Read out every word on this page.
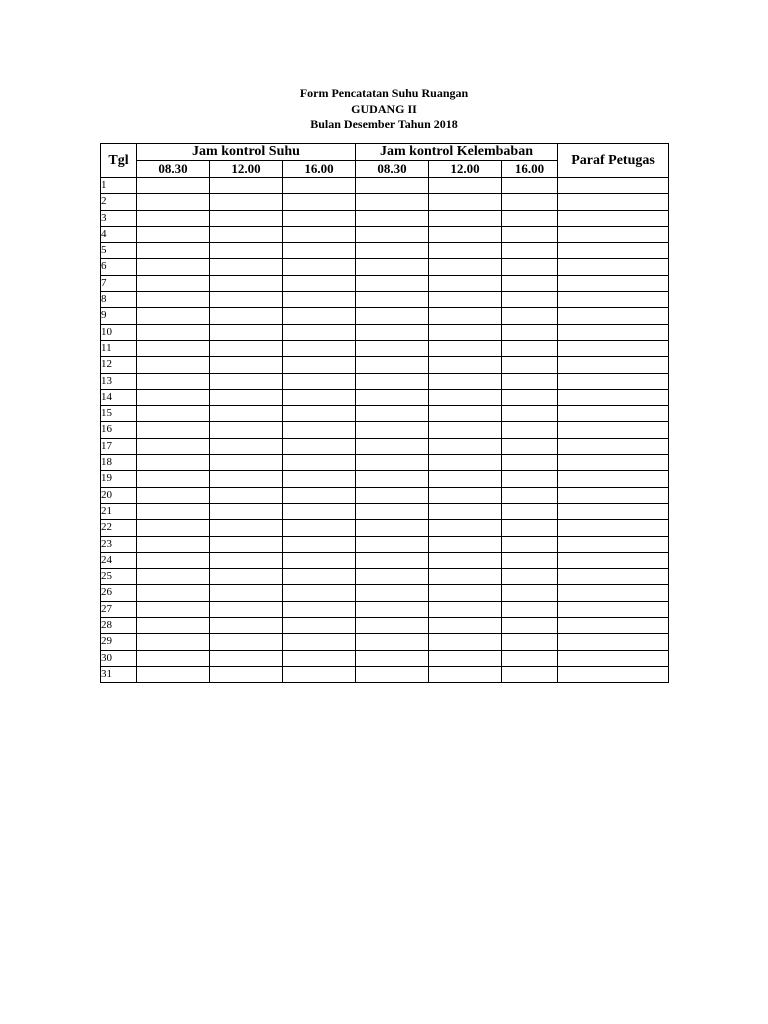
Form Pencatatan Suhu Ruangan
GUDANG II
Bulan Desember Tahun 2018
Tgl	Jam kontrol Suhu			Jam kontrol Kelembaban			Paraf Petugas
	08.30	12.00	16.00	08.30	12.00	16.00	
1							
2							
3							
4							
5							
6							
7							
8							
9							
10							
11							
12							
13							
14							
15							
16							
17							
18							
19							
20							
21							
22							
23							
24							
25							
26							
27							
28							
29							
30							
31							
